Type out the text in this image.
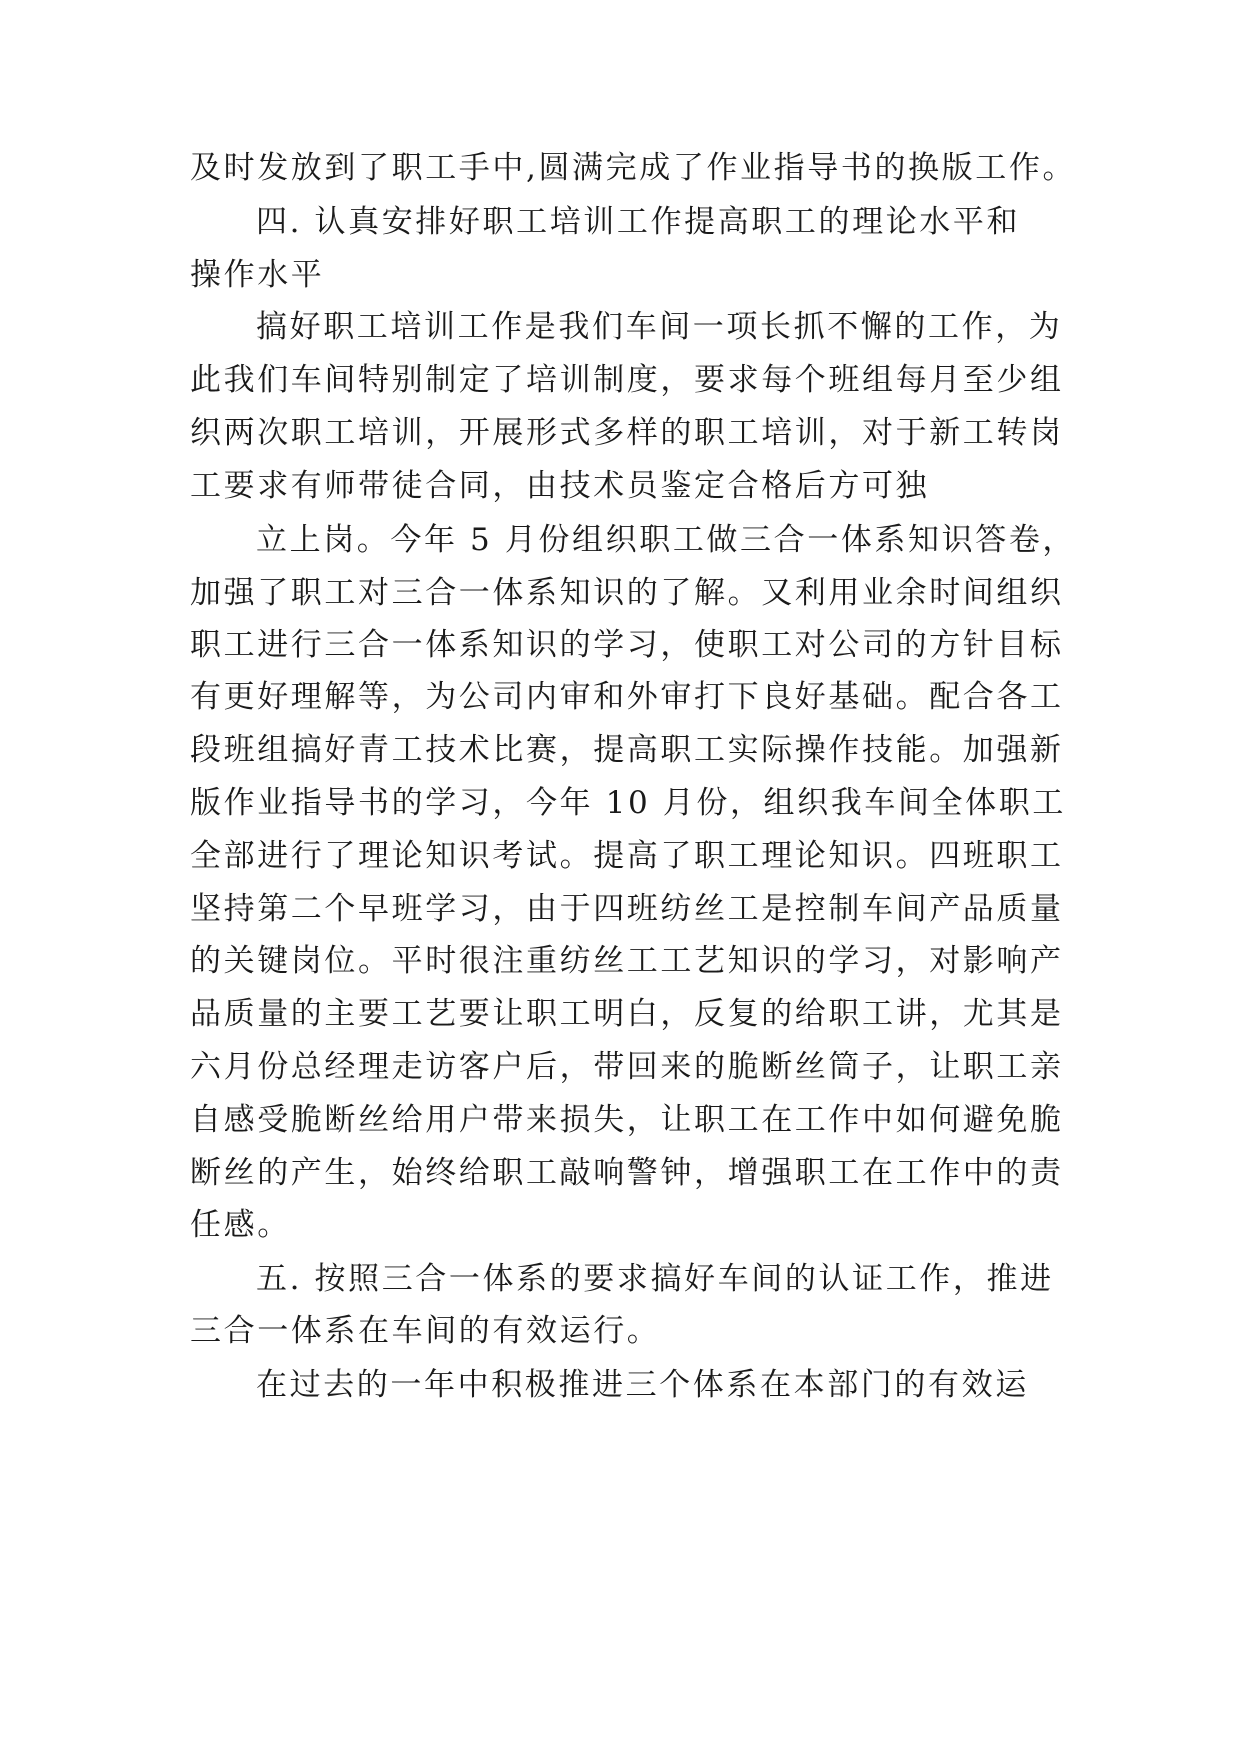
及时发放到了职工手中,圆满完成了作业指导书的换版工作。
四. 认真安排好职工培训工作提高职工的理论水平和
操作水平
搞好职工培训工作是我们车间一项长抓不懈的工作，为
此我们车间特别制定了培训制度，要求每个班组每月至少组
织两次职工培训，开展形式多样的职工培训，对于新工转岗
工要求有师带徒合同，由技术员鉴定合格后方可独
立上岗。今年 5 月份组织职工做三合一体系知识答卷，
加强了职工对三合一体系知识的了解。又利用业余时间组织
职工进行三合一体系知识的学习，使职工对公司的方针目标
有更好理解等，为公司内审和外审打下良好基础。配合各工
段班组搞好青工技术比赛，提高职工实际操作技能。加强新
版作业指导书的学习，今年 10 月份，组织我车间全体职工
全部进行了理论知识考试。提高了职工理论知识。四班职工
坚持第二个早班学习，由于四班纺丝工是控制车间产品质量
的关键岗位。平时很注重纺丝工工艺知识的学习，对影响产
品质量的主要工艺要让职工明白，反复的给职工讲，尤其是
六月份总经理走访客户后，带回来的脆断丝筒子，让职工亲
自感受脆断丝给用户带来损失，让职工在工作中如何避免脆
断丝的产生，始终给职工敲响警钟，增强职工在工作中的责
任感。
五. 按照三合一体系的要求搞好车间的认证工作，推进
三合一体系在车间的有效运行。
在过去的一年中积极推进三个体系在本部门的有效运
